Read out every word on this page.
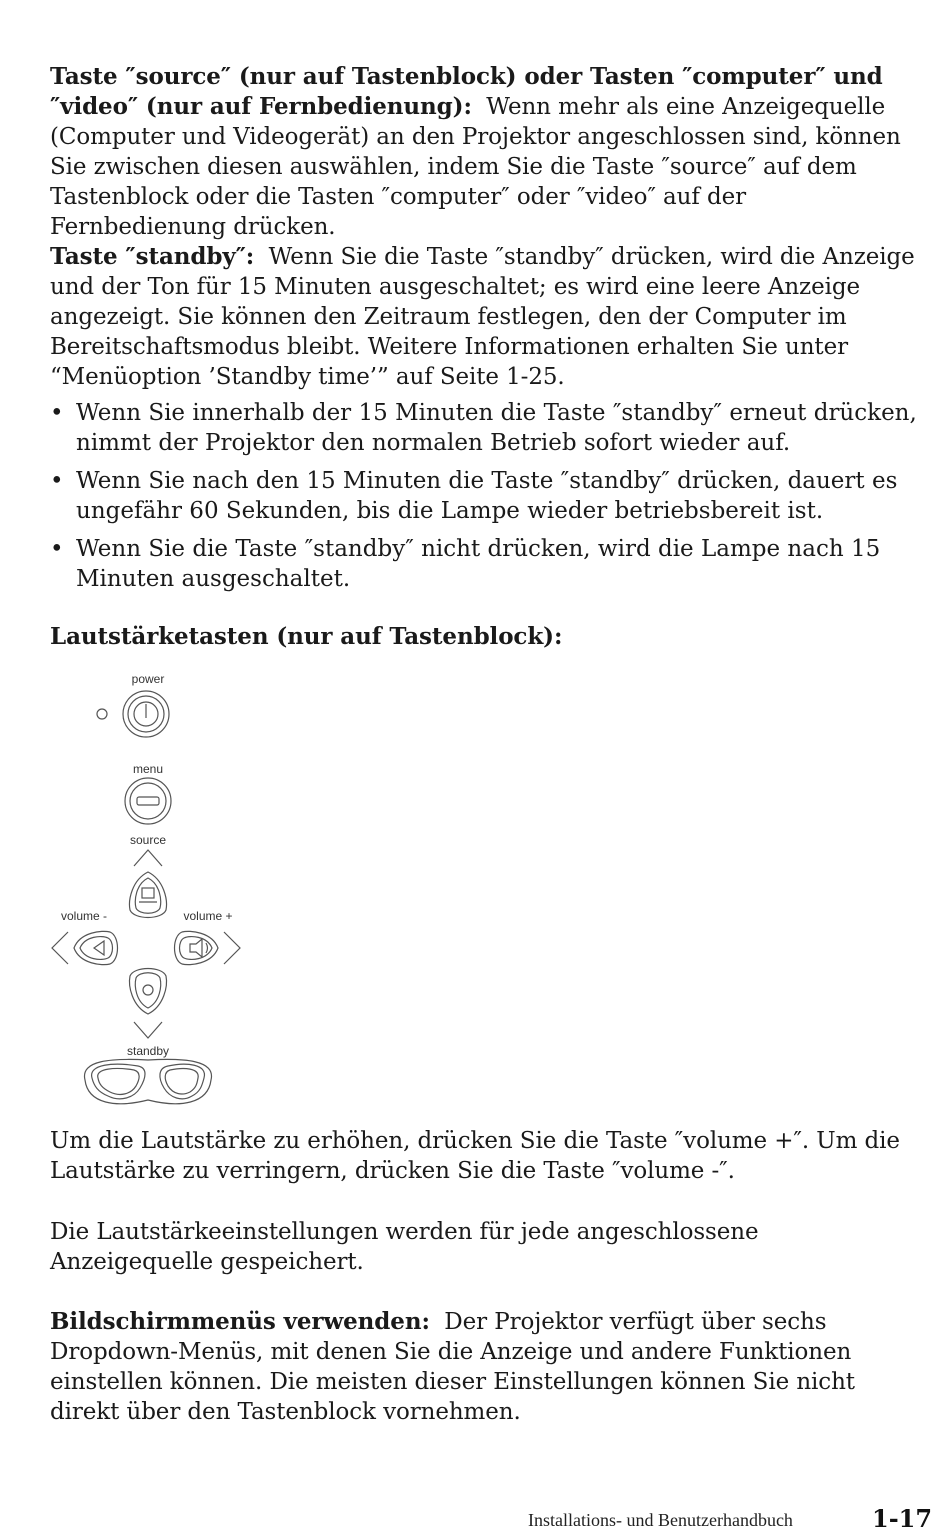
Taste ″source″ (nur auf Tastenblock) oder Tasten ″computer″ und ″video″ (nur auf Fernbedienung): Wenn mehr als eine Anzeigequelle (Computer und Videogerät) an den Projektor angeschlossen sind, können Sie zwischen diesen auswählen, indem Sie die Taste ″source″ auf dem Tastenblock oder die Tasten ″computer″ oder ″video″ auf der Fernbedienung drücken.

Taste ″standby″: Wenn Sie die Taste ″standby″ drücken, wird die Anzeige und der Ton für 15 Minuten ausgeschaltet; es wird eine leere Anzeige angezeigt. Sie können den Zeitraum festlegen, den der Computer im Bereitschaftsmodus bleibt. Weitere Informationen erhalten Sie unter “Menüoption ’Standby time’” auf Seite 1-25.

• Wenn Sie innerhalb der 15 Minuten die Taste ″standby″ erneut drücken, nimmt der Projektor den normalen Betrieb sofort wieder auf.
• Wenn Sie nach den 15 Minuten die Taste ″standby″ drücken, dauert es ungefähr 60 Sekunden, bis die Lampe wieder betriebsbereit ist.
• Wenn Sie die Taste ″standby″ nicht drücken, wird die Lampe nach 15 Minuten ausgeschaltet.

Lautstärketasten (nur auf Tastenblock):

power
menu
source
volume -	volume +
standby

Um die Lautstärke zu erhöhen, drücken Sie die Taste ″volume +″. Um die Lautstärke zu verringern, drücken Sie die Taste ″volume -″.

Die Lautstärkeeinstellungen werden für jede angeschlossene Anzeigequelle gespeichert.

Bildschirmmenüs verwenden: Der Projektor verfügt über sechs Dropdown-Menüs, mit denen Sie die Anzeige und andere Funktionen einstellen können. Die meisten dieser Einstellungen können Sie nicht direkt über den Tastenblock vornehmen.

Installations- und Benutzerhandbuch	1-17
